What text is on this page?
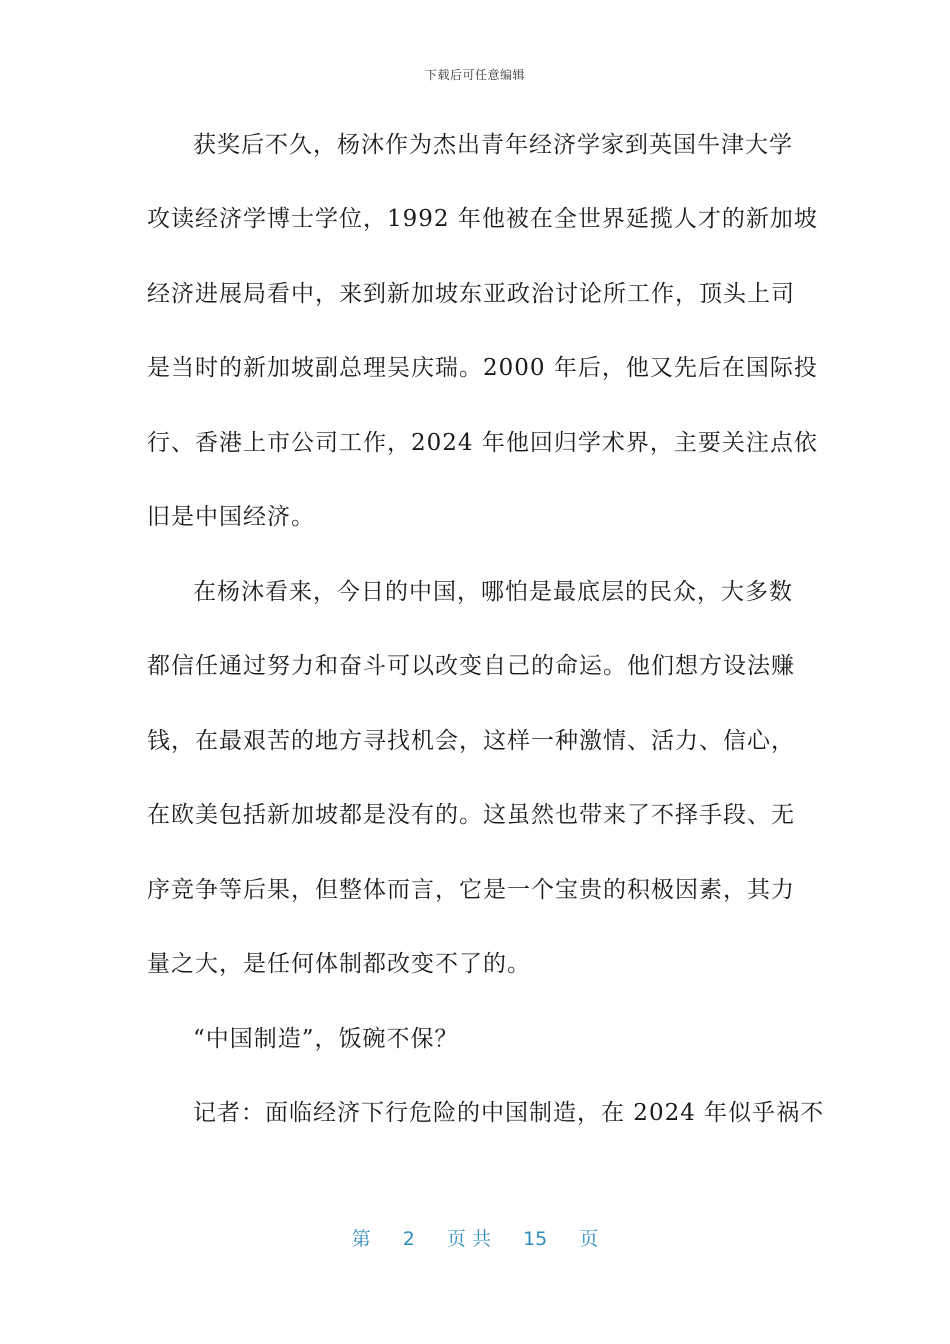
下载后可任意编辑
获奖后不久，杨沐作为杰出青年经济学家到英国牛津大学
攻读经济学博士学位，1992 年他被在全世界延揽人才的新加坡
经济进展局看中，来到新加坡东亚政治讨论所工作，顶头上司
是当时的新加坡副总理吴庆瑞。2000 年后，他又先后在国际投
行、香港上市公司工作，2024 年他回归学术界，主要关注点依
旧是中国经济。
在杨沐看来，今日的中国，哪怕是最底层的民众，大多数
都信任通过努力和奋斗可以改变自己的命运。他们想方设法赚
钱，在最艰苦的地方寻找机会，这样一种激情、活力、信心，
在欧美包括新加坡都是没有的。这虽然也带来了不择手段、无
序竞争等后果，但整体而言，它是一个宝贵的积极因素，其力
量之大，是任何体制都改变不了的。
“中国制造”，饭碗不保？
记者：面临经济下行危险的中国制造，在 2024 年似乎祸不
第 2 页 共 15 页
